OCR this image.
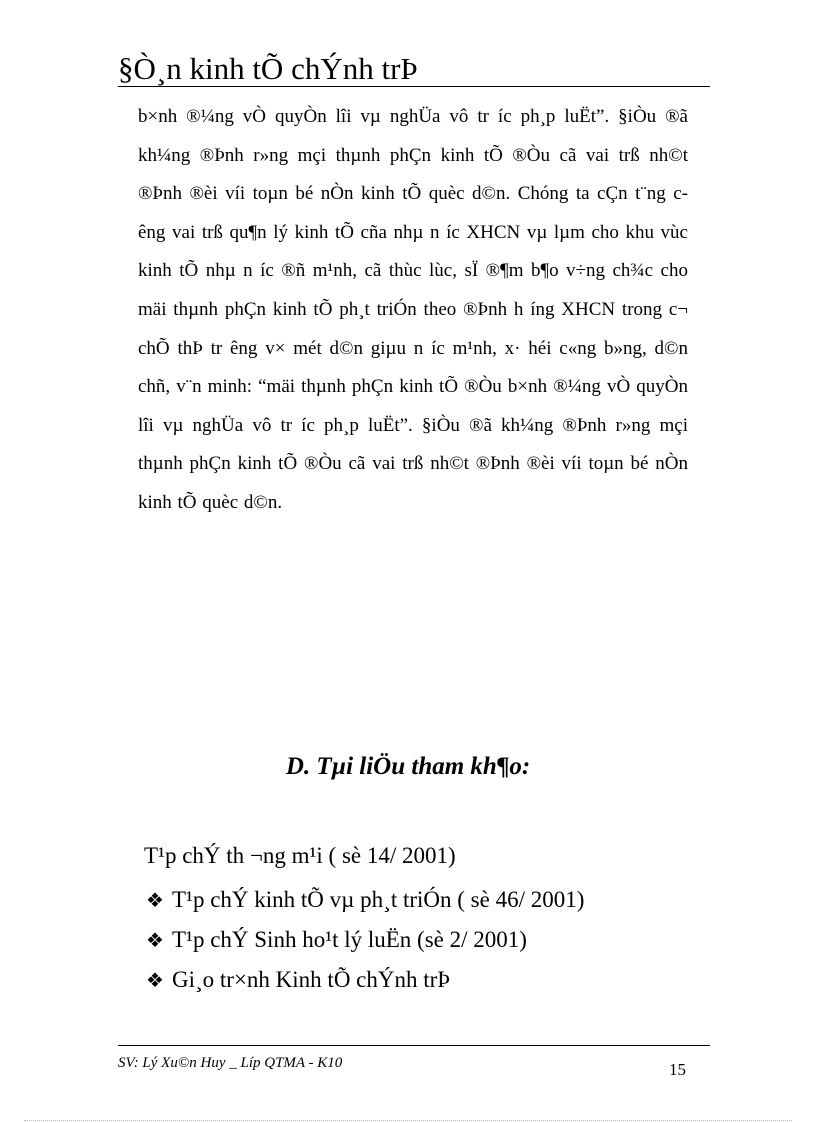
§Ò¸n kinh tÕ chÝnh trÞ
b×nh ®¼ng vÒ quyÒn lîi vµ nghÜa vô tr íc ph¸p luËt”. §iÒu ®ã kh¼ng ®Þnh r»ng mçi thµnh phÇn kinh tÕ ®Òu cã vai trß nh©t ®Þnh ®èi víi toµn bé nÒn kinh tÕ quèc d©n. Chóng ta cÇn t¨ng c êng vai trß qu¶n lý kinh tÕ cña nhµ n íc XHCN vµ lµm cho khu vùc kinh tÕ nhµ n íc ®ñ m¹nh, cã thùc lùc, sÏ ®¶m b¶o v÷ng ch¾c cho mäi thµnh phÇn kinh tÕ ph¸t triÓn theo ®Þnh h íng XHCN trong c¬ chÕ thÞ tr êng v× mét d©n giµu n íc m¹nh, x· héi c«ng b»ng, d©n chñ, v¨n minh: “mäi thµnh phÇn kinh tÕ ®Òu b×nh ®¼ng vÒ quyÒn lîi vµ nghÜa vô tr íc ph¸p luËt”. §iÒu ®ã kh¼ng ®Þnh r»ng mçi thµnh phÇn kinh tÕ ®Òu cã vai trß nh©t ®Þnh ®èi víi toµn bé nÒn kinh tÕ quèc d©n.
D. Tµi liÖu tham kh¶o:
T¹p chÝ th ¬ng m¹i ( sè 14/ 2001)
❖ T¹p chÝ kinh tÕ vµ ph¸t triÓn ( sè 46/ 2001)
❖ T¹p chÝ Sinh ho¹t lý luËn (sè 2/ 2001)
❖ Gi¸o tr×nh Kinh tÕ chÝnh trÞ
SV: Lý Xu©n Huy _ Líp QTMA - K10	15
